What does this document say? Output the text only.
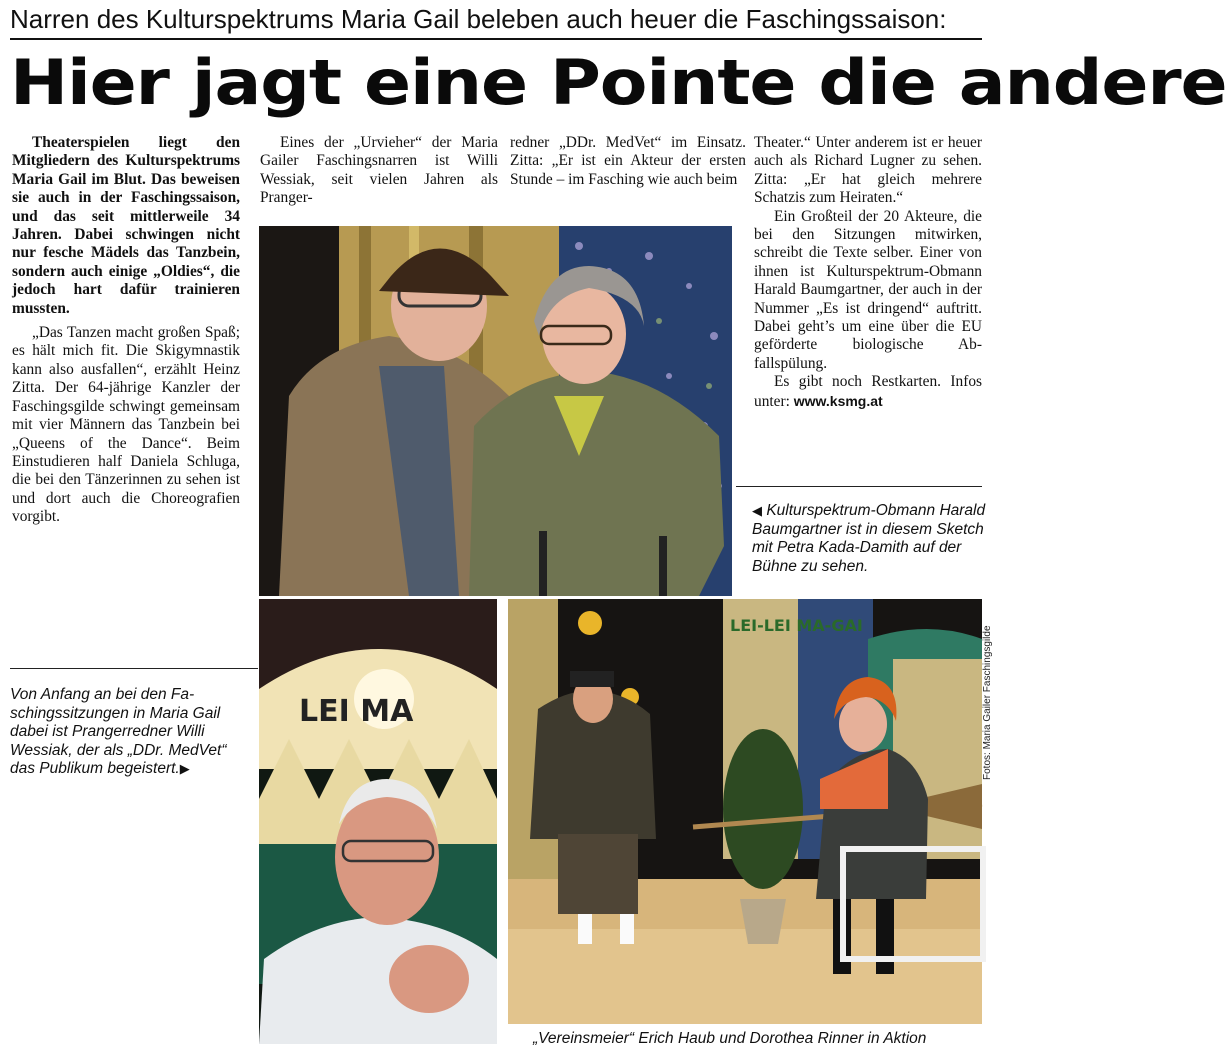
Narren des Kulturspektrums Maria Gail beleben auch heuer die Faschingssaison:
Hier jagt eine Pointe die andere

Theaterspielen liegt den Mitgliedern des Kulturspektrums Maria Gail im Blut. Das beweisen sie auch in der Faschingssaison, und das seit mittlerweile 34 Jahren. Dabei schwingen nicht nur fesche Mädels das Tanzbein, sondern auch einige „Oldies“, die jedoch hart dafür trainieren mussten.

„Das Tanzen macht großen Spaß; es hält mich fit. Die Skigymnastik kann also ausfallen“, erzählt Heinz Zitta. Der 64-jährige Kanzler der Faschingsgilde schwingt gemeinsam mit vier Männern das Tanzbein bei „Queens of the Dance“. Beim Einstudieren half Daniela Schluga, die bei den Tänzerinnen zu sehen ist und dort auch die Choreografien vorgibt.

Von Anfang an bei den Faschingssitzungen in Maria Gail dabei ist Prangerredner Willi Wessiak, der als „DDr. MedVet“ das Publikum begeistert.▶

Eines der „Urvieher“ der Maria Gailer Faschingsnarren ist Willi Wessiak, seit vielen Jahren als Pranger-

redner „DDr. MedVet“ im Einsatz. Zitta: „Er ist ein Akteur der ersten Stunde – im Fasching wie auch beim

Theater.“ Unter anderem ist er heuer auch als Richard Lugner zu sehen. Zitta: „Er hat gleich mehrere Schatzis zum Heiraten.“

Ein Großteil der 20 Akteure, die bei den Sitzungen mitwirken, schreibt die Texte selber. Einer von ihnen ist Kulturspektrum-Obmann Harald Baumgartner, der auch in der Nummer „Es ist dringend“ auftritt. Dabei geht’s um eine über die EU geförderte biologische Abfallspülung.

Es gibt noch Restkarten. Infos unter: www.ksmg.at

◀ Kulturspektrum-Obmann Harald Baumgartner ist in diesem Sketch mit Petra Kada-Damith auf der Bühne zu sehen.
LEI MA
LEI-LEI MA-GAI
„Vereinsmeier“ Erich Haub und Dorothea Rinner in Aktion
Fotos: Maria Gailer Faschingsgilde
